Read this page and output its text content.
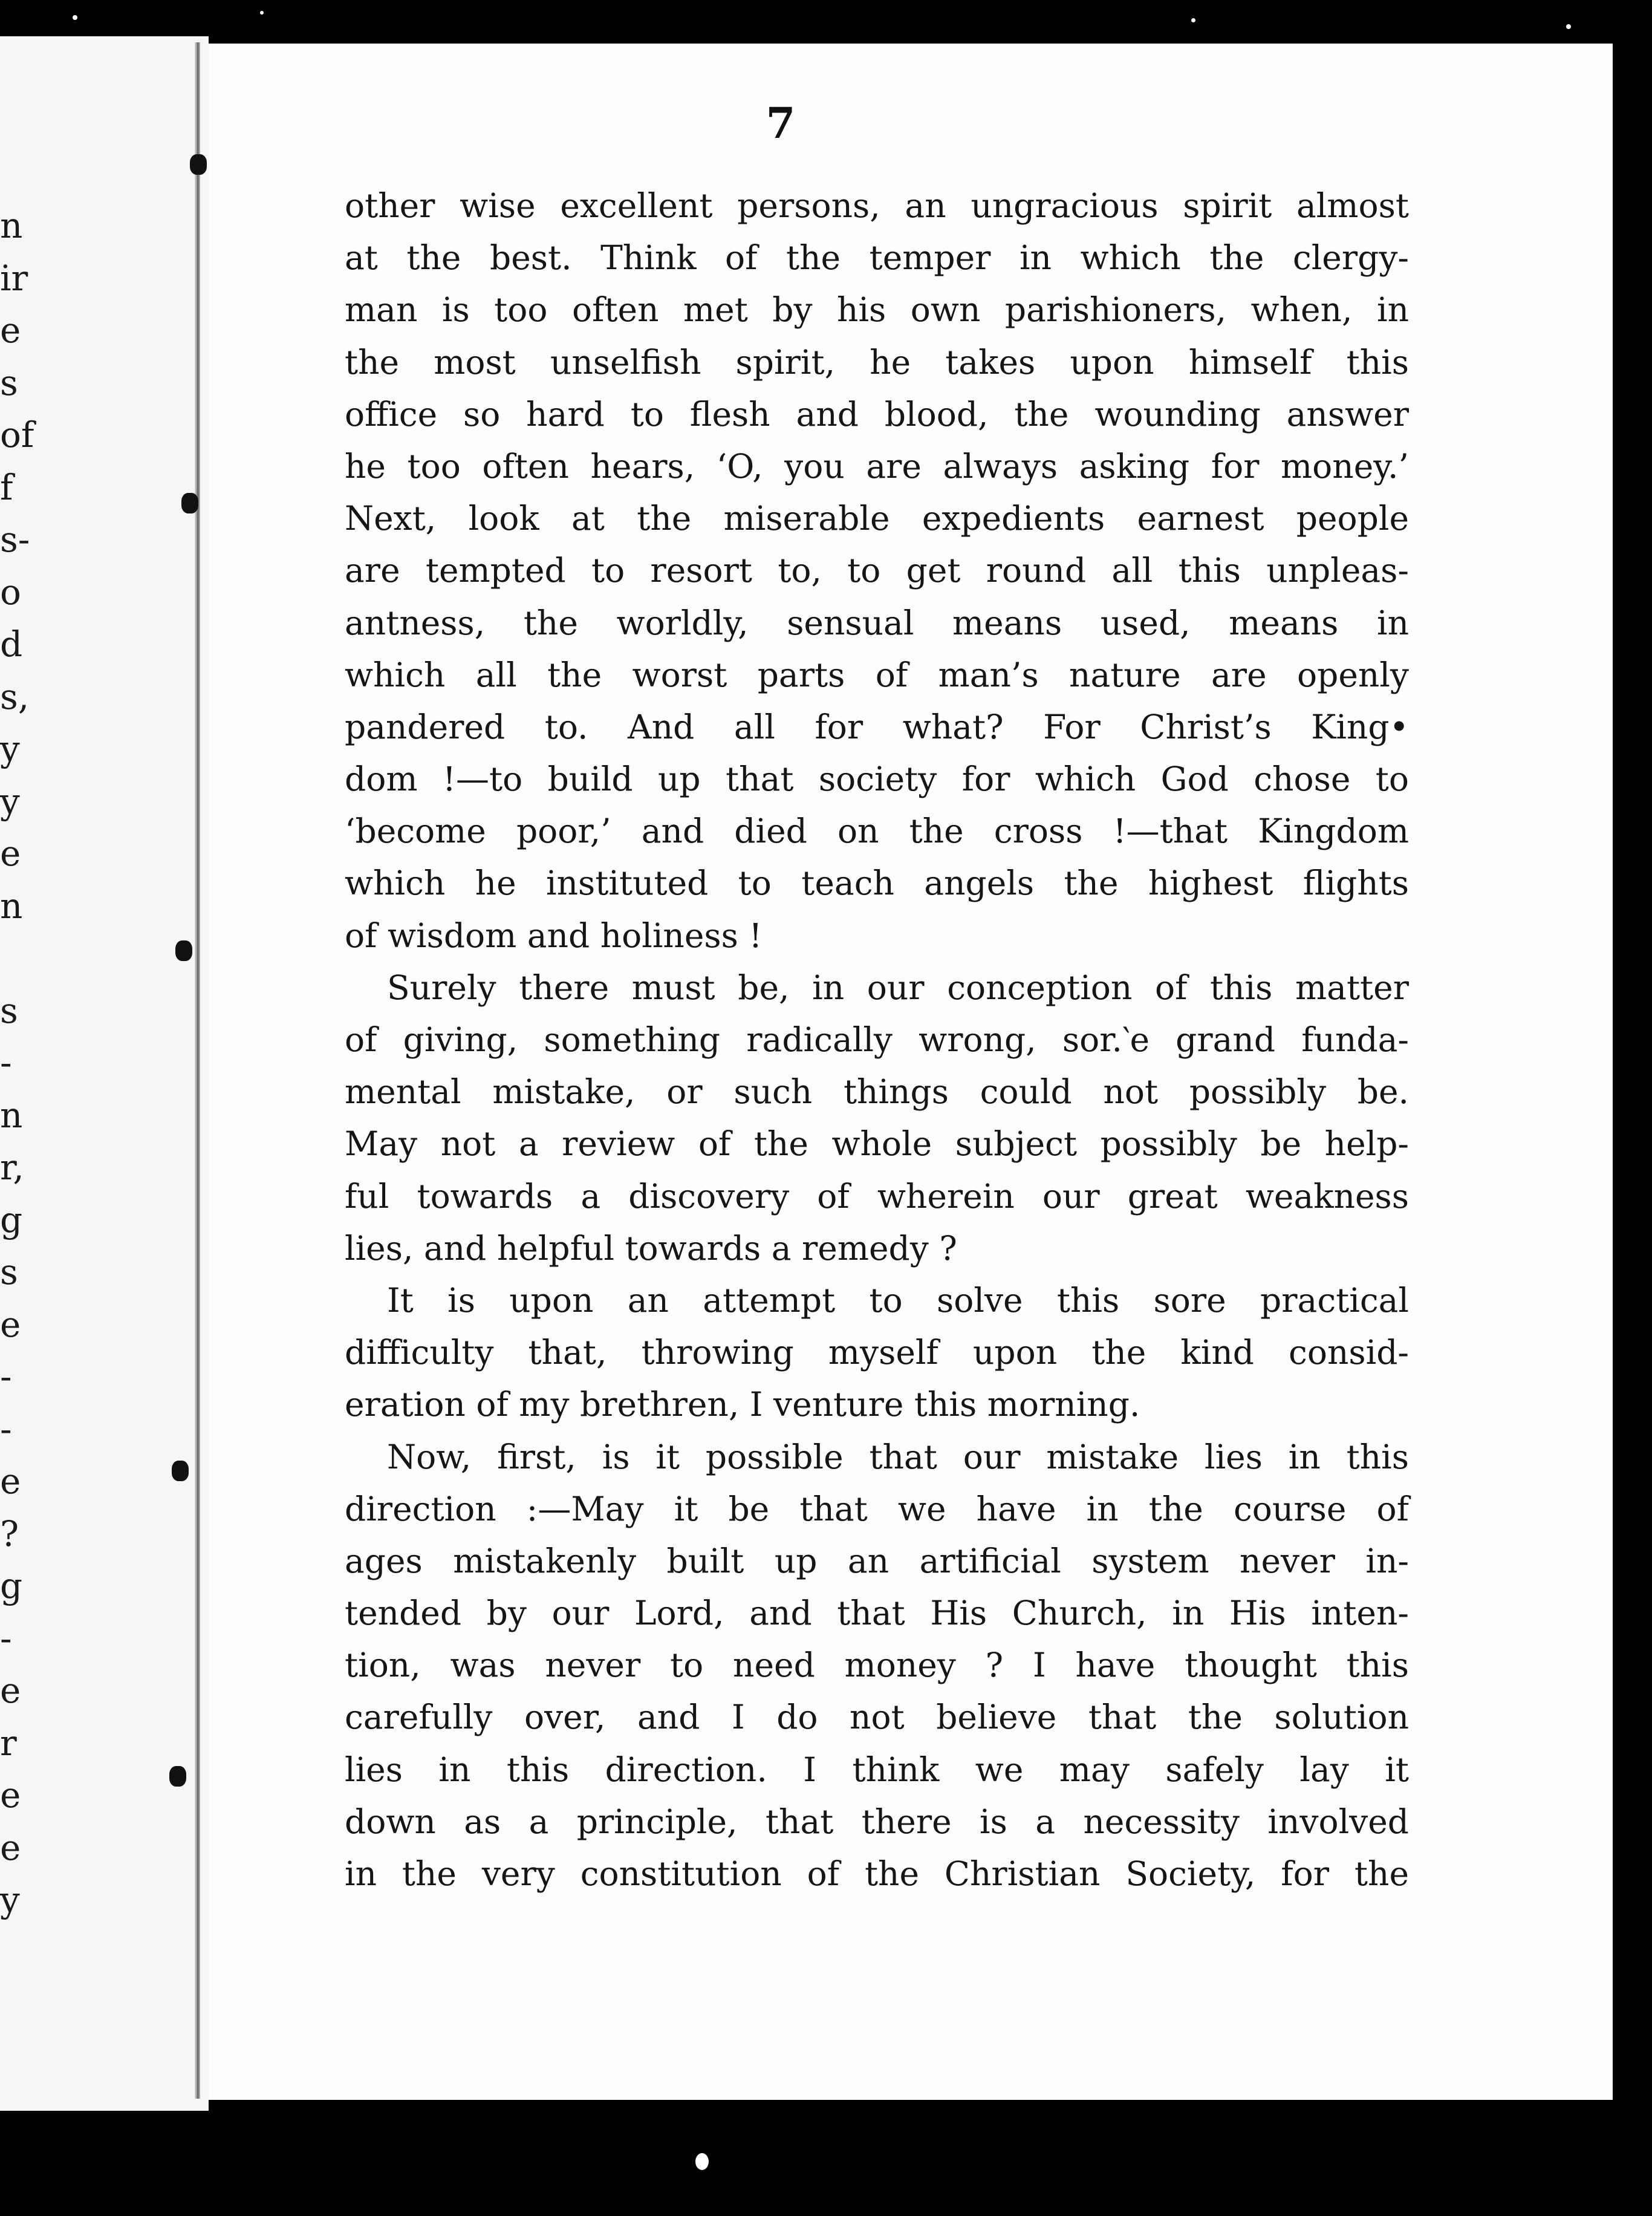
n
ir
e
s
of
f
s-
o
d
s,
y
y
e
n
s
-
n
r,
g
s
e
-
-
e
?
g
-
e
r
e
e
y
7
other wise excellent persons, an ungracious spirit almost
at the best. Think of the temper in which the clergy-
man is too often met by his own parishioners, when, in
the most unselfish spirit, he takes upon himself this
office so hard to flesh and blood, the wounding answer
he too often hears, ‘O, you are always asking for money.’
Next, look at the miserable expedients earnest people
are tempted to resort to, to get round all this unpleas-
antness, the worldly, sensual means used, means in
which all the worst parts of man’s nature are openly
pandered to. And all for what? For Christ’s King•
dom !—to build up that society for which God chose to
‘become poor,’ and died on the cross !—that Kingdom
which he instituted to teach angels the highest flights
of wisdom and holiness !
Surely there must be, in our conception of this matter
of giving, something radically wrong, sor.‵e grand funda-
mental mistake, or such things could not possibly be.
May not a review of the whole subject possibly be help-
ful towards a discovery of wherein our great weakness
lies, and helpful towards a remedy ?
It is upon an attempt to solve this sore practical
difficulty that, throwing myself upon the kind consid-
eration of my brethren, I venture this morning.
Now, first, is it possible that our mistake lies in this
direction :—May it be that we have in the course of
ages mistakenly built up an artificial system never in-
tended by our Lord, and that His Church, in His inten-
tion, was never to need money ? I have thought this
carefully over, and I do not believe that the solution
lies in this direction. I think we may safely lay it
down as a principle, that there is a necessity involved
in the very constitution of the Christian Society, for the
